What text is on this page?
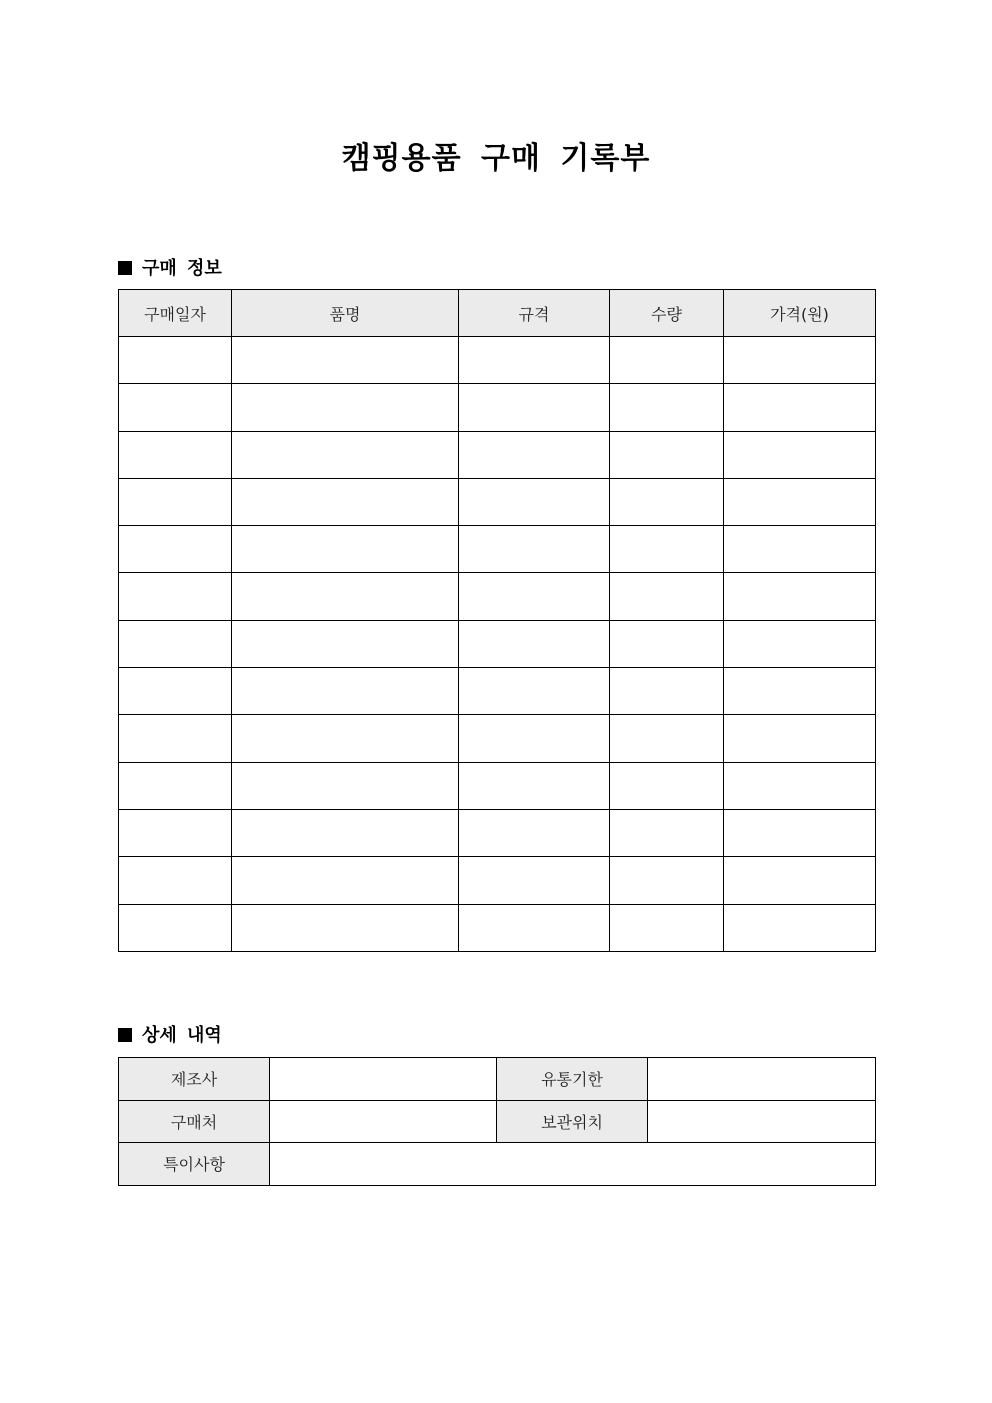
캠핑용품 구매 기록부
구매 정보
구매일자	품명	규격	수량	가격(원)

상세 내역
제조사		유통기한	
구매처		보관위치	
특이사항			
